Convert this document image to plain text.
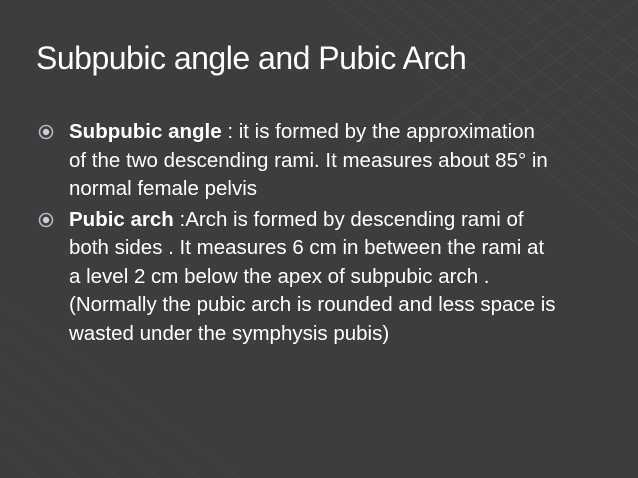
Subpubic angle and Pubic Arch
Subpubic angle : it is formed by the approximation of the two descending rami. It measures about 85° in normal female pelvis
Pubic arch :Arch is formed by descending rami of both sides . It measures 6 cm in between the rami at a level 2 cm below the apex of subpubic arch .(Normally the pubic arch is rounded and less space is wasted under the symphysis pubis)
